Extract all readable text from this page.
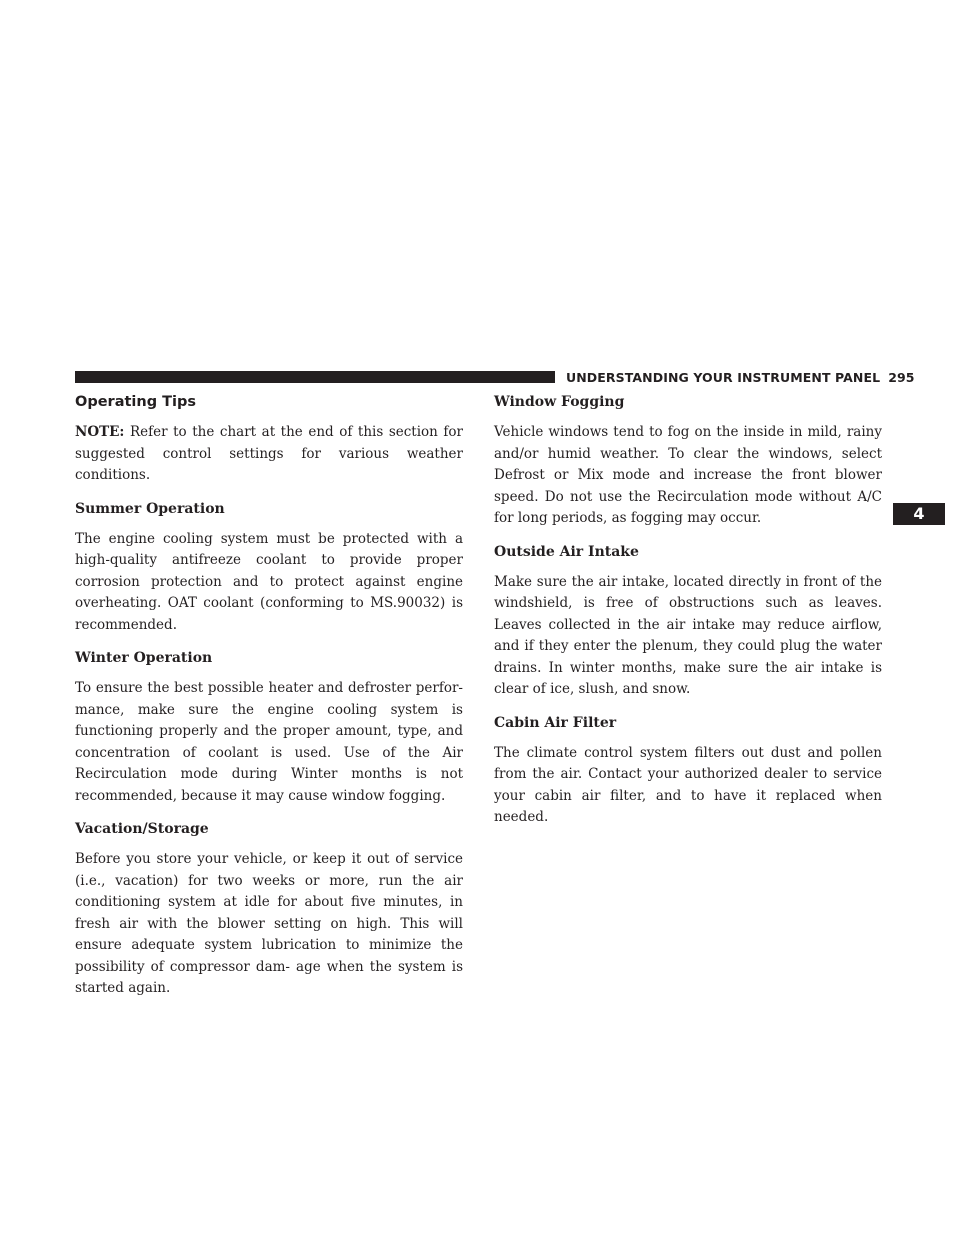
UNDERSTANDING YOUR INSTRUMENT PANEL 295
4
Operating Tips

NOTE: Refer to the chart at the end of this section for suggested control settings for various weather conditions.

Summer Operation

The engine cooling system must be protected with a high-quality antifreeze coolant to provide proper corrosion protection and to protect against engine overheating. OAT coolant (conforming to MS.90032) is recommended.

Winter Operation

To ensure the best possible heater and defroster perfor- mance, make sure the engine cooling system is functioning properly and the proper amount, type, and concentration of coolant is used. Use of the Air Recirculation mode during Winter months is not recommended, because it may cause window fogging.

Vacation/Storage

Before you store your vehicle, or keep it out of service (i.e., vacation) for two weeks or more, run the air conditioning system at idle for about five minutes, in fresh air with the blower setting on high. This will ensure adequate system lubrication to minimize the possibility of compressor dam- age when the system is started again.

Window Fogging

Vehicle windows tend to fog on the inside in mild, rainy and/or humid weather. To clear the windows, select Defrost or Mix mode and increase the front blower speed. Do not use the Recirculation mode without A/C for long periods, as fogging may occur.

Outside Air Intake

Make sure the air intake, located directly in front of the windshield, is free of obstructions such as leaves. Leaves collected in the air intake may reduce airflow, and if they enter the plenum, they could plug the water drains. In winter months, make sure the air intake is clear of ice, slush, and snow.

Cabin Air Filter

The climate control system filters out dust and pollen from the air. Contact your authorized dealer to service your cabin air filter, and to have it replaced when needed.
